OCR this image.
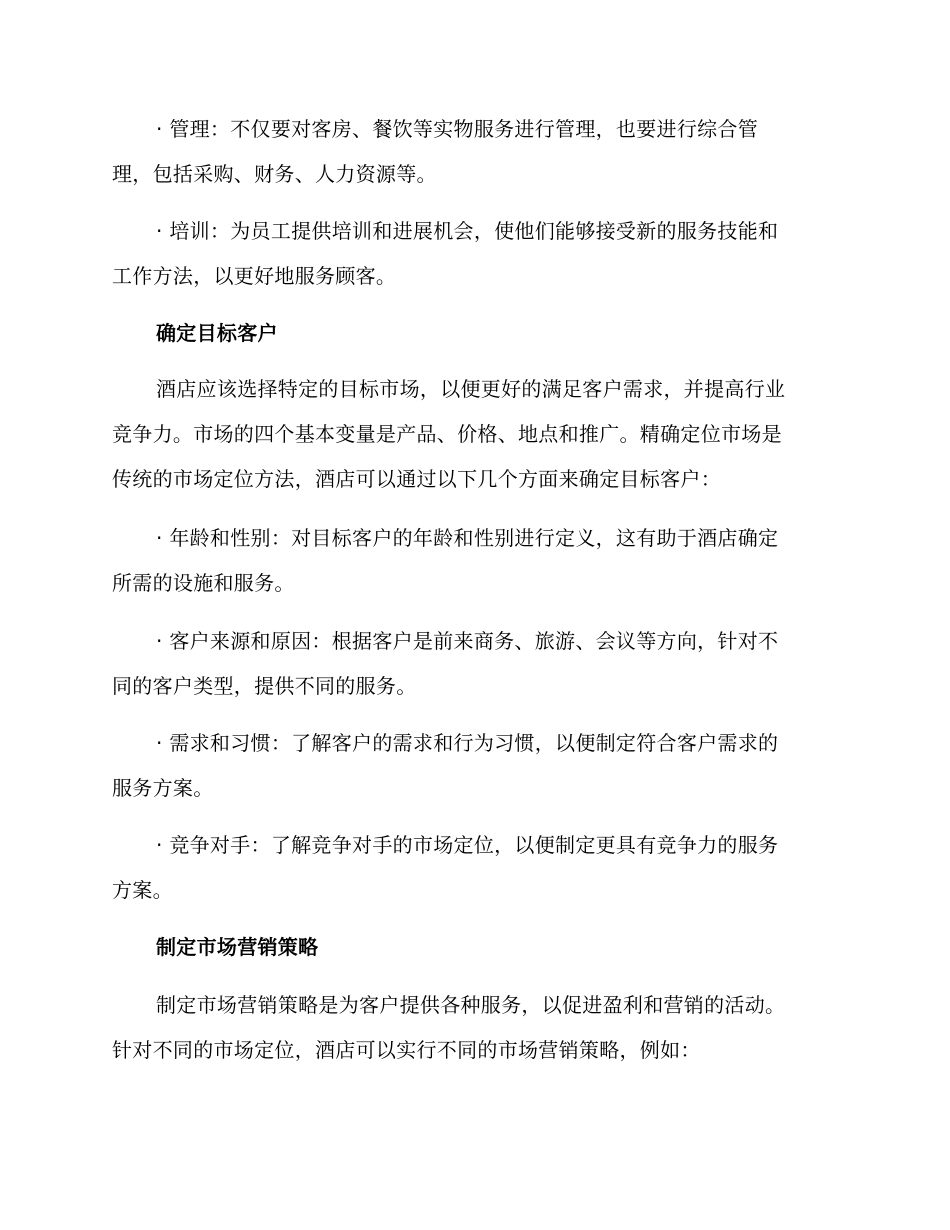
· 管理：不仅要对客房、餐饮等实物服务进行管理，也要进行综合管
理，包括采购、财务、人力资源等。

· 培训：为员工提供培训和进展机会，使他们能够接受新的服务技能和
工作方法，以更好地服务顾客。

确定目标客户

酒店应该选择特定的目标市场，以便更好的满足客户需求，并提高行业
竞争力。市场的四个基本变量是产品、价格、地点和推广。精确定位市场是
传统的市场定位方法，酒店可以通过以下几个方面来确定目标客户：

· 年龄和性别：对目标客户的年龄和性别进行定义，这有助于酒店确定
所需的设施和服务。

· 客户来源和原因：根据客户是前来商务、旅游、会议等方向，针对不
同的客户类型，提供不同的服务。

· 需求和习惯：了解客户的需求和行为习惯，以便制定符合客户需求的
服务方案。

· 竞争对手：了解竞争对手的市场定位，以便制定更具有竞争力的服务
方案。

制定市场营销策略

制定市场营销策略是为客户提供各种服务，以促进盈利和营销的活动。
针对不同的市场定位，酒店可以实行不同的市场营销策略，例如：
